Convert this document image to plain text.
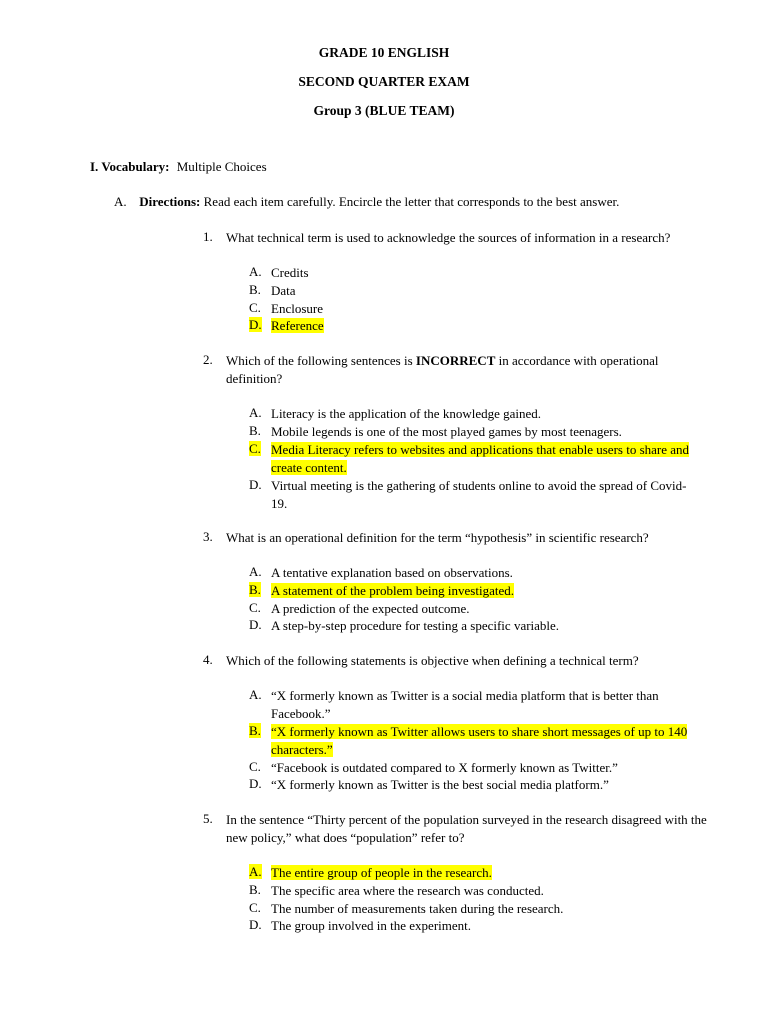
GRADE 10 ENGLISH
SECOND QUARTER EXAM
Group 3 (BLUE TEAM)
I. Vocabulary: Multiple Choices
A. Directions: Read each item carefully. Encircle the letter that corresponds to the best answer.
1.	What technical term is used to acknowledge the sources of information in a research?
A. Credits
B. Data
C. Enclosure
D. Reference
2.	Which of the following sentences is INCORRECT in accordance with operational definition?
A. Literacy is the application of the knowledge gained.
B. Mobile legends is one of the most played games by most teenagers.
C. Media Literacy refers to websites and applications that enable users to share and create content.
D. Virtual meeting is the gathering of students online to avoid the spread of Covid-19.
3.	What is an operational definition for the term “hypothesis” in scientific research?
A. A tentative explanation based on observations.
B. A statement of the problem being investigated.
C. A prediction of the expected outcome.
D. A step-by-step procedure for testing a specific variable.
4.	Which of the following statements is objective when defining a technical term?
A. “X formerly known as Twitter is a social media platform that is better than Facebook.”
B. “X formerly known as Twitter allows users to share short messages of up to 140 characters.”
C. “Facebook is outdated compared to X formerly known as Twitter.”
D. “X formerly known as Twitter is the best social media platform.”
5.	In the sentence “Thirty percent of the population surveyed in the research disagreed with the new policy,” what does “population” refer to?
A. The entire group of people in the research.
B. The specific area where the research was conducted.
C. The number of measurements taken during the research.
D. The group involved in the experiment.
